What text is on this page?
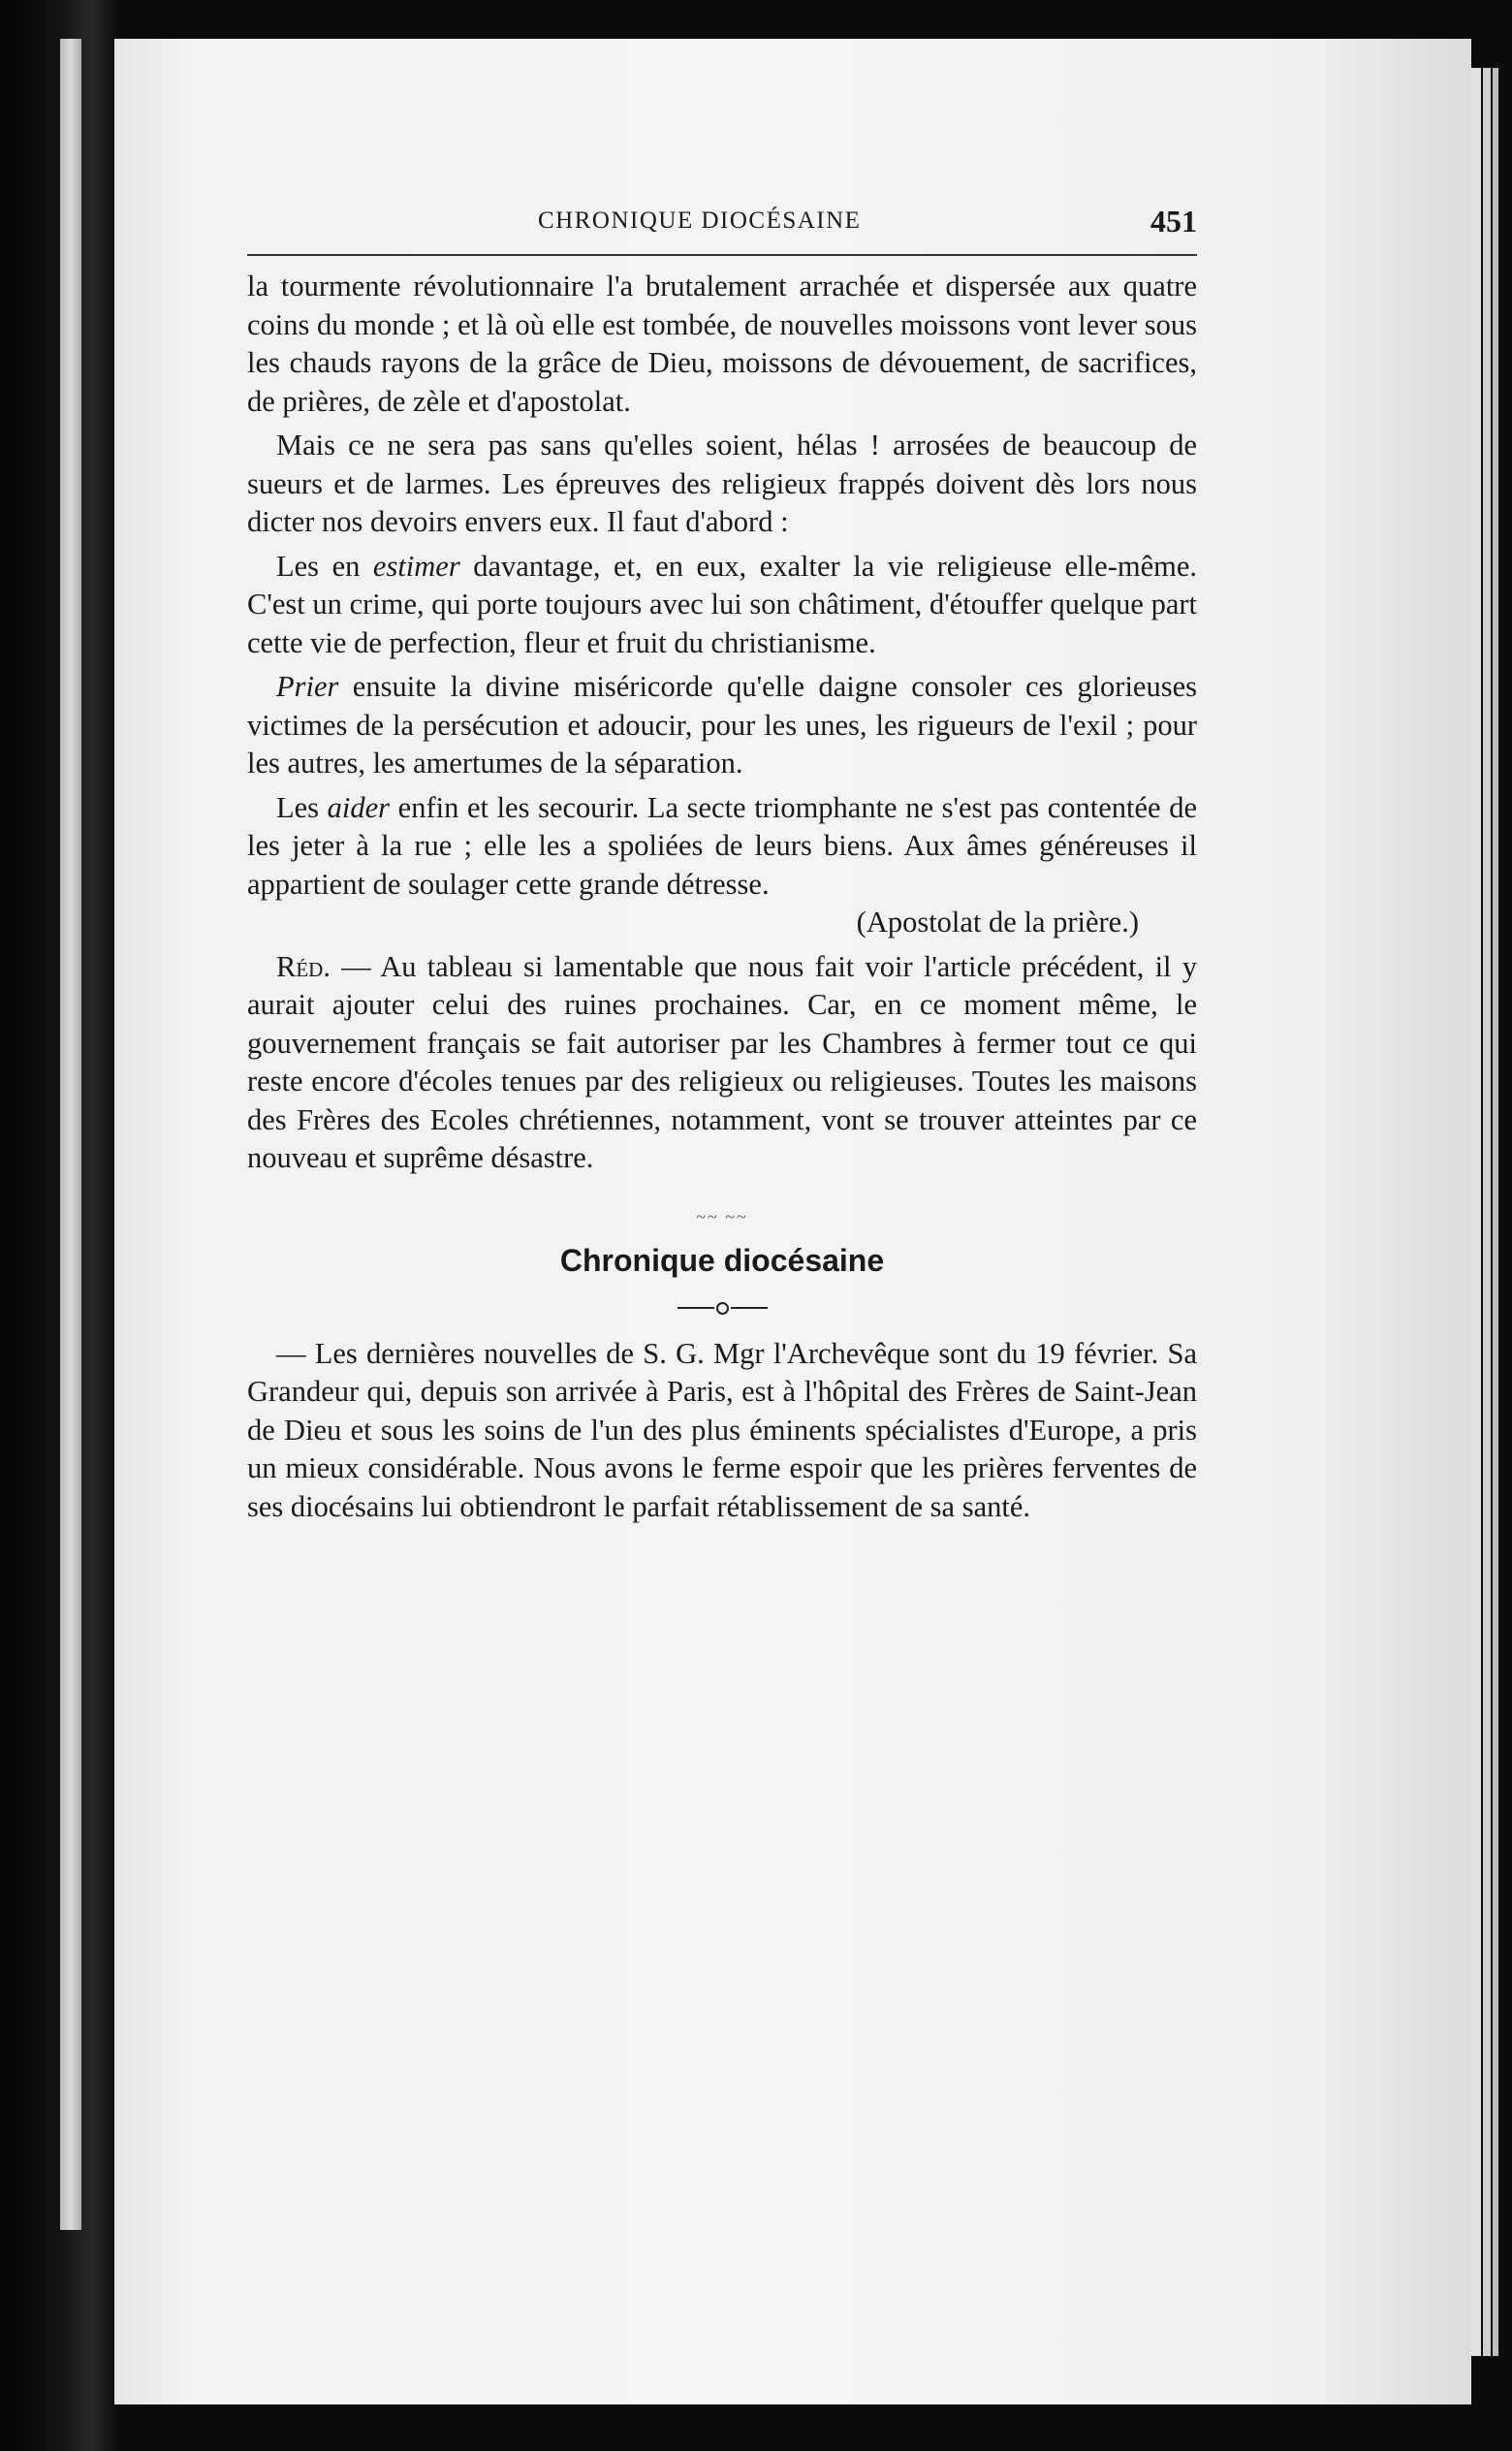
CHRONIQUE DIOCÉSAINE	451

la tourmente révolutionnaire l'a brutalement arrachée et dispersée aux quatre coins du monde ; et là où elle est tombée, de nouvelles moissons vont lever sous les chauds rayons de la grâce de Dieu, moissons de dévouement, de sacrifices, de prières, de zèle et d'apostolat.

Mais ce ne sera pas sans qu'elles soient, hélas ! arrosées de beaucoup de sueurs et de larmes. Les épreuves des religieux frappés doivent dès lors nous dicter nos devoirs envers eux. Il faut d'abord :

Les en estimer davantage, et, en eux, exalter la vie religieuse elle-même. C'est un crime, qui porte toujours avec lui son châtiment, d'étouffer quelque part cette vie de perfection, fleur et fruit du christianisme.

Prier ensuite la divine miséricorde qu'elle daigne consoler ces glorieuses victimes de la persécution et adoucir, pour les unes, les rigueurs de l'exil ; pour les autres, les amertumes de la séparation.

Les aider enfin et les secourir. La secte triomphante ne s'est pas contentée de les jeter à la rue ; elle les a spoliées de leurs biens. Aux âmes généreuses il appartient de soulager cette grande détresse.

(Apostolat de la prière.)

Réd. — Au tableau si lamentable que nous fait voir l'article précédent, il y aurait ajouter celui des ruines prochaines. Car, en ce moment même, le gouvernement français se fait autoriser par les Chambres à fermer tout ce qui reste encore d'écoles tenues par des religieux ou religieuses. Toutes les maisons des Frères des Ecoles chrétiennes, notamment, vont se trouver atteintes par ce nouveau et suprême désastre.

~~ ~~
Chronique diocésaine

— Les dernières nouvelles de S. G. Mgr l'Archevêque sont du 19 février. Sa Grandeur qui, depuis son arrivée à Paris, est à l'hôpital des Frères de Saint-Jean de Dieu et sous les soins de l'un des plus éminents spécialistes d'Europe, a pris un mieux considérable. Nous avons le ferme espoir que les prières ferventes de ses diocésains lui obtiendront le parfait rétablissement de sa santé.
